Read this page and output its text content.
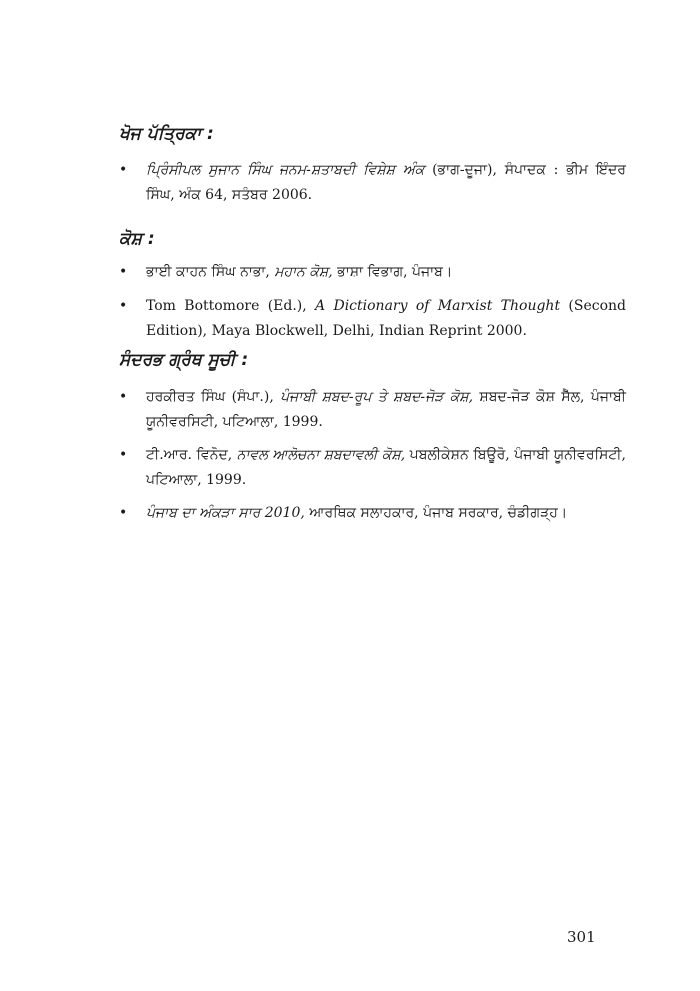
ਖੋਜ ਪੱਤ੍ਰਿਕਾ :

• ਪ੍ਰਿੰਸੀਪਲ ਸੁਜਾਨ ਸਿੰਘ ਜਨਮ-ਸ਼ਤਾਬਦੀ ਵਿਸ਼ੇਸ਼ ਅੰਕ (ਭਾਗ-ਦੂਜਾ), ਸੰਪਾਦਕ : ਭੀਮ ਇੰਦਰ ਸਿੰਘ, ਅੰਕ 64, ਸਤੰਬਰ 2006.

ਕੋਸ਼ :

• ਭਾਈ ਕਾਹਨ ਸਿੰਘ ਨਾਭਾ, ਮਹਾਨ ਕੋਸ਼, ਭਾਸ਼ਾ ਵਿਭਾਗ, ਪੰਜਾਬ।
• Tom Bottomore (Ed.), A Dictionary of Marxist Thought (Second Edition), Maya Blockwell, Delhi, Indian Reprint 2000.

ਸੰਦਰਭ ਗ੍ਰੰਥ ਸੂਚੀ :

• ਹਰਕੀਰਤ ਸਿੰਘ (ਸੰਪਾ.), ਪੰਜਾਬੀ ਸ਼ਬਦ-ਰੂਪ ਤੇ ਸ਼ਬਦ-ਜੋੜ ਕੋਸ਼, ਸ਼ਬਦ-ਜੋੜ ਕੋਸ਼ ਸੈੱਲ, ਪੰਜਾਬੀ ਯੂਨੀਵਰਸਿਟੀ, ਪਟਿਆਲਾ, 1999.
• ਟੀ.ਆਰ. ਵਿਨੋਦ, ਨਾਵਲ ਆਲੋਚਨਾ ਸ਼ਬਦਾਵਲੀ ਕੋਸ਼, ਪਬਲੀਕੇਸ਼ਨ ਬਿਊਰੋ, ਪੰਜਾਬੀ ਯੂਨੀਵਰਸਿਟੀ, ਪਟਿਆਲਾ, 1999.
• ਪੰਜਾਬ ਦਾ ਅੰਕੜਾ ਸਾਰ 2010, ਆਰਥਿਕ ਸਲਾਹਕਾਰ, ਪੰਜਾਬ ਸਰਕਾਰ, ਚੰਡੀਗੜ੍ਹ।
301
